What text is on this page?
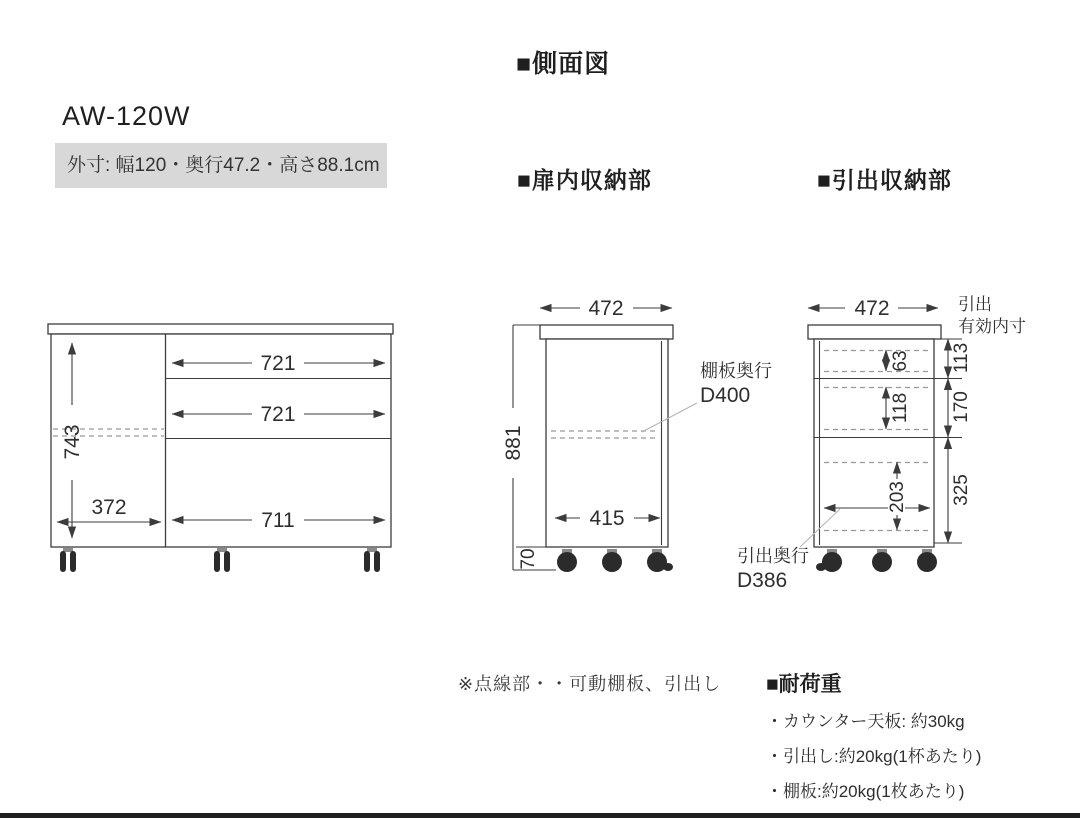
■側面図
AW-120W
外寸: 幅120・奥行47.2・高さ88.1cm
■扉内収納部	■引出収納部
721
721
711
372
743
472
881
415
70
棚板奥行
D400
472	引出
有効内寸
引出奥行
D386
63
118
203
113
170
325
※点線部・・可動棚板、引出し ■耐荷重
・カウンター天板: 約30kg
・引出し:約20kg(1杯あたり)
・棚板:約20kg(1枚あたり)
